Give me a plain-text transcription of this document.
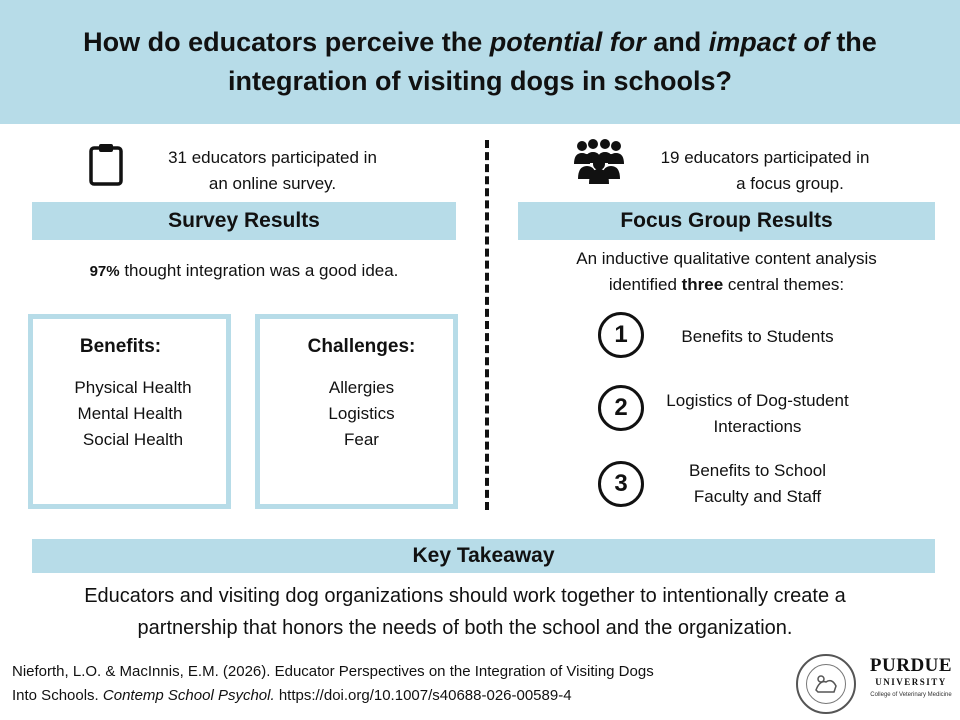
How do educators perceive the potential for and impact of the integration of visiting dogs in schools?
31 educators participated in
an online survey.
Survey Results
97% thought integration was a good idea.
Benefits:
Physical Health
Mental Health
Social Health
Challenges:
Allergies
Logistics
Fear
19 educators participated in
a focus group.
Focus Group Results
An inductive qualitative content analysis
identified three central themes:
1	Benefits to Students
2	Logistics of Dog-student
Interactions
3	Benefits to School
Faculty and Staff
Key Takeaway
Educators and visiting dog organizations should work together to intentionally create a
partnership that honors the needs of both the school and the organization.
Nieforth, L.O. & MacInnis, E.M. (2026). Educator Perspectives on the Integration of Visiting Dogs
Into Schools. Contemp School Psychol. https://doi.org/10.1007/s40688-026-00589-4
PURDUE
UNIVERSITY
College of Veterinary Medicine
